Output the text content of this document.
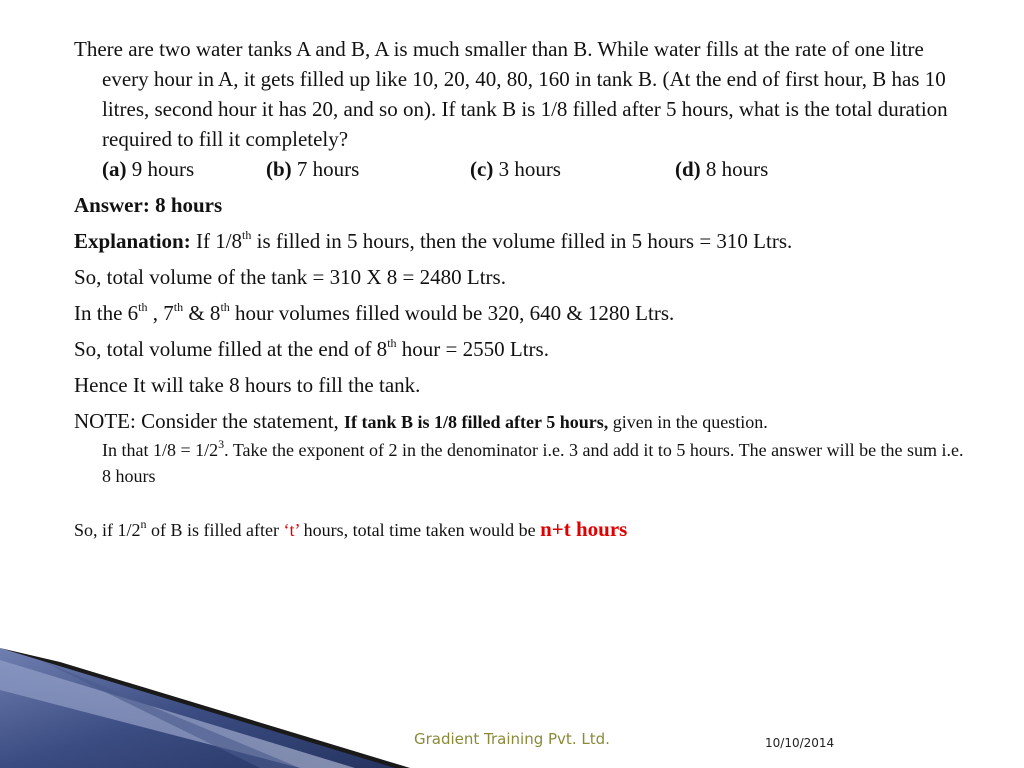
There are two water tanks A and B, A is much smaller than B. While water fills at the rate of one litre every hour in A, it gets filled up like 10, 20, 40, 80, 160 in tank B. (At the end of first hour, B has 10 litres, second hour it has 20, and so on). If tank B is 1/8 filled after 5 hours, what is the total duration required to fill it completely?

(a) 9 hours	(b) 7 hours	(c) 3 hours	(d) 8 hours

Answer: 8 hours

Explanation: If 1/8th is filled in 5 hours, then the volume filled in 5 hours = 310 Ltrs.

So, total volume of the tank = 310 X 8 = 2480 Ltrs.

In the 6th , 7th & 8th hour volumes filled would be 320, 640 & 1280 Ltrs.

So, total volume filled at the end of 8th hour = 2550 Ltrs.

Hence It will take 8 hours to fill the tank.

NOTE: Consider the statement, If tank B is 1/8 filled after 5 hours, given in the question.

In that $1/8 = 1/2^3$. Take the exponent of 2 in the denominator i.e. 3 and add it to 5 hours. The answer will be the sum i.e. 8 hours

So, if 1/2$^n$ of B is filled after ‘t’ hours, total time taken would be n+t hours

Gradient Training Pvt. Ltd.	10/10/2014
